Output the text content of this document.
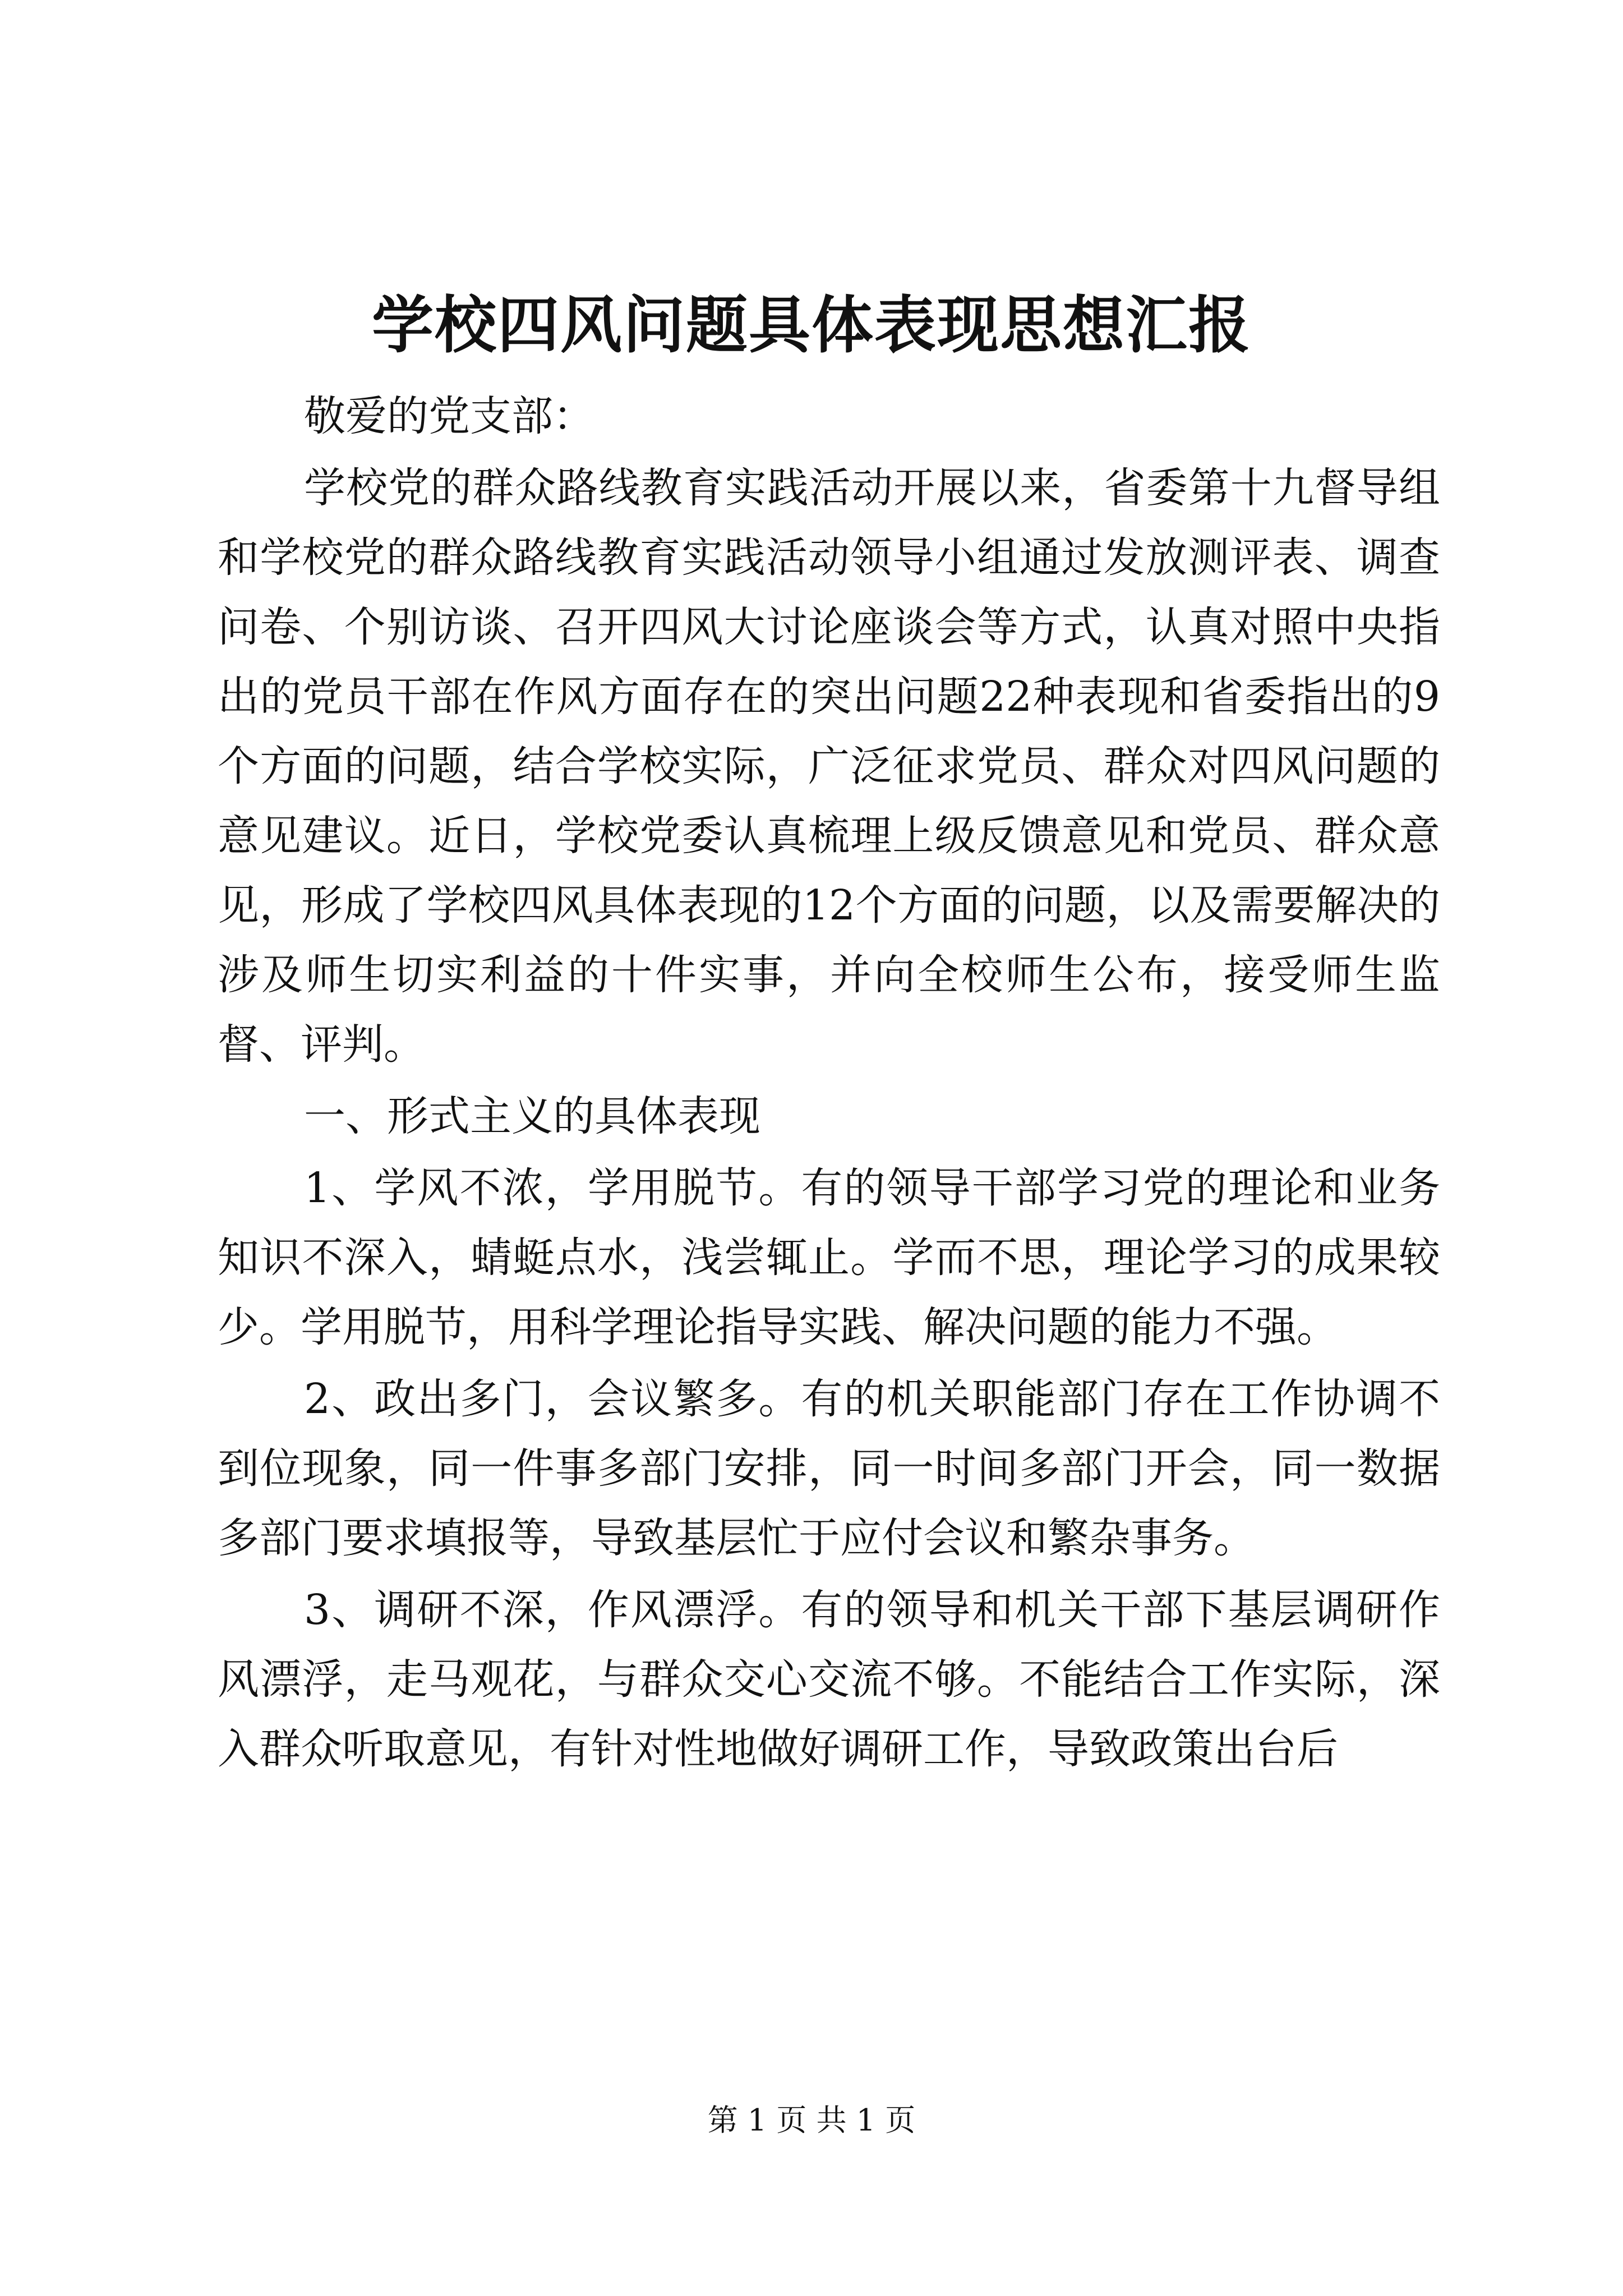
学校四风问题具体表现思想汇报

敬爱的党支部：

学校党的群众路线教育实践活动开展以来，省委第十九督导组和学校党的群众路线教育实践活动领导小组通过发放测评表、调查问卷、个别访谈、召开四风大讨论座谈会等方式，认真对照中央指出的党员干部在作风方面存在的突出问题22种表现和省委指出的9个方面的问题，结合学校实际，广泛征求党员、群众对四风问题的意见建议。近日，学校党委认真梳理上级反馈意见和党员、群众意见，形成了学校四风具体表现的12个方面的问题，以及需要解决的涉及师生切实利益的十件实事，并向全校师生公布，接受师生监督、评判。

一、形式主义的具体表现

1、学风不浓，学用脱节。有的领导干部学习党的理论和业务知识不深入，蜻蜓点水，浅尝辄止。学而不思，理论学习的成果较少。学用脱节，用科学理论指导实践、解决问题的能力不强。

2、政出多门，会议繁多。有的机关职能部门存在工作协调不到位现象，同一件事多部门安排，同一时间多部门开会，同一数据多部门要求填报等，导致基层忙于应付会议和繁杂事务。

3、调研不深，作风漂浮。有的领导和机关干部下基层调研作风漂浮，走马观花，与群众交心交流不够。不能结合工作实际，深入群众听取意见，有针对性地做好调研工作，导致政策出台后

第 1 页 共 1 页
